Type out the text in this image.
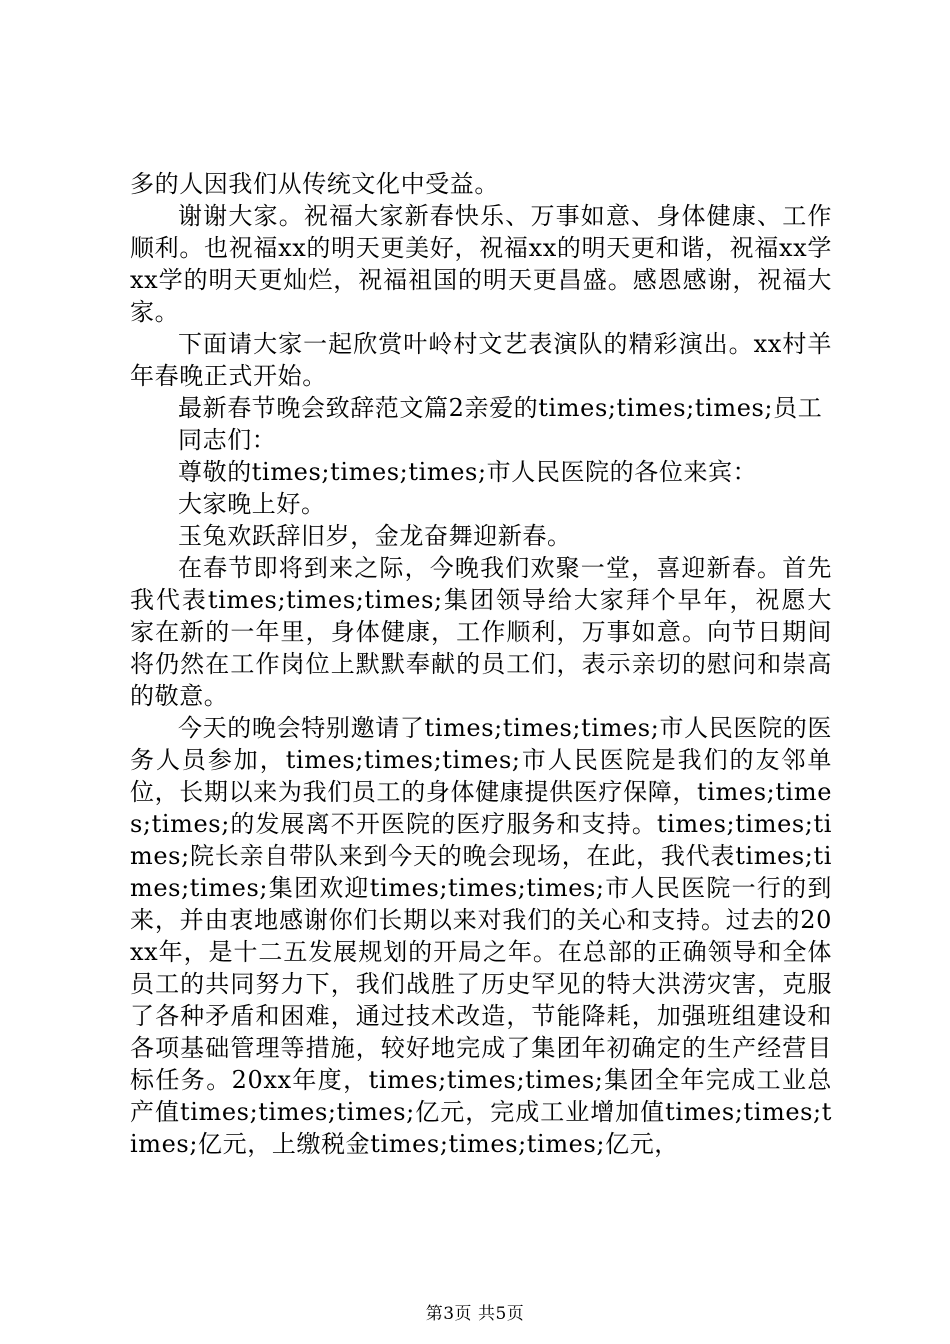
多的人因我们从传统文化中受益。

谢谢大家。祝福大家新春快乐、万事如意、身体健康、工作顺利。也祝福xx的明天更美好，祝福xx的明天更和谐，祝福xx学xx学的明天更灿烂，祝福祖国的明天更昌盛。感恩感谢，祝福大家。

下面请大家一起欣赏叶岭村文艺表演队的精彩演出。xx村羊年春晚正式开始。

最新春节晚会致辞范文篇2亲爱的times;times;times;员工

同志们：

尊敬的times;times;times;市人民医院的各位来宾：

大家晚上好。

玉兔欢跃辞旧岁，金龙奋舞迎新春。

在春节即将到来之际，今晚我们欢聚一堂，喜迎新春。首先我代表times;times;times;集团领导给大家拜个早年，祝愿大家在新的一年里，身体健康，工作顺利，万事如意。向节日期间将仍然在工作岗位上默默奉献的员工们，表示亲切的慰问和崇高的敬意。

今天的晚会特别邀请了times;times;times;市人民医院的医务人员参加，times;times;times;市人民医院是我们的友邻单位，长期以来为我们员工的身体健康提供医疗保障，times;times;times;的发展离不开医院的医疗服务和支持。times;times;times;院长亲自带队来到今天的晚会现场，在此，我代表times;times;times;集团欢迎times;times;times;市人民医院一行的到来，并由衷地感谢你们长期以来对我们的关心和支持。过去的20xx年，是十二五发展规划的开局之年。在总部的正确领导和全体员工的共同努力下，我们战胜了历史罕见的特大洪涝灾害，克服了各种矛盾和困难，通过技术改造，节能降耗，加强班组建设和各项基础管理等措施，较好地完成了集团年初确定的生产经营目标任务。20xx年度，times;times;times;集团全年完成工业总产值times;times;times;亿元，完成工业增加值times;times;times;亿元，上缴税金times;times;times;亿元，

第3页 共5页
